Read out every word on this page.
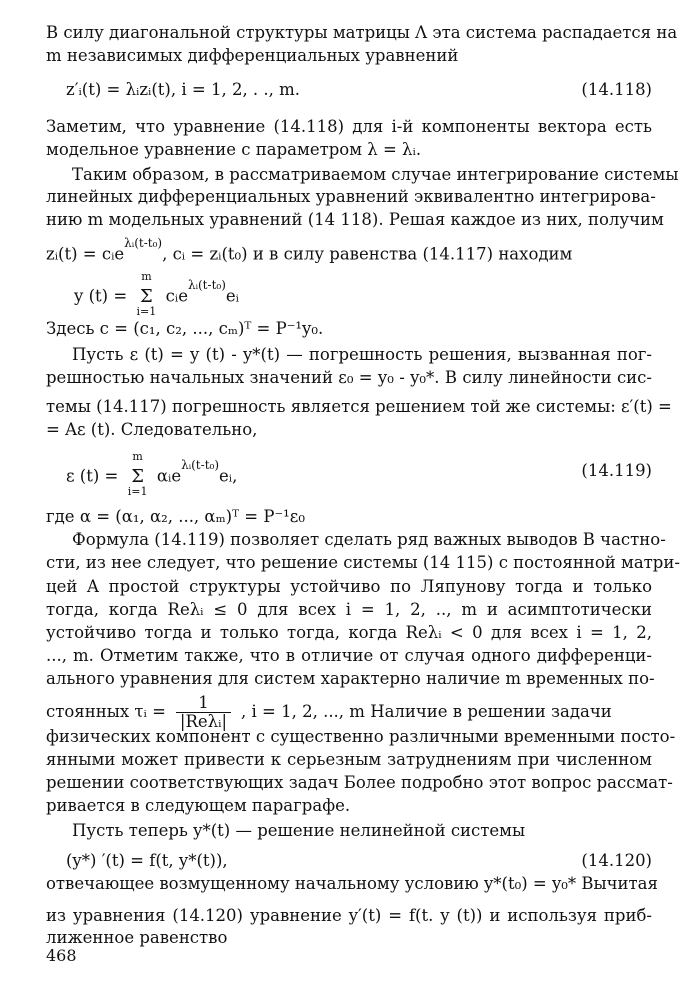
В силу диагональной структуры матрицы Λ эта система распадается на
m независимых дифференциальных уравнений
z′ᵢ(t) = λᵢzᵢ(t), i = 1, 2, . ., m.	(14.118)
Заметим, что уравнение (14.118) для i-й компоненты вектора есть
модельное уравнение с параметром λ = λᵢ.
Таким образом, в рассматриваемом случае интегрирование системы
линейных дифференциальных уравнений эквивалентно интегрирова-
нию m модельных уравнений (14 118). Решая каждое из них, получим
zᵢ(t) = cᵢe$^{\lambda ᵢ(t-t_0)}$, cᵢ = zᵢ(t₀) и в силу равенства (14.117) находим
y (t) =
m
Σ
i=1
cᵢe$^{\lambda ᵢ(t-t_0)}$eᵢ
Здесь c = (c₁, c₂, ..., cₘ)ᵀ = P⁻¹y₀.
Пусть ε (t) = y (t) - y*(t) — погрешность решения, вызванная пог-
решностью начальных значений ε₀ = y₀ - y₀*. В силу линейности сис-
темы (14.117) погрешность является решением той же системы: ε′(t) =
= Aε (t). Следовательно,
ε (t) =
m
Σ
i=1
αᵢe$^{\lambda ᵢ(t-t_0)}$eᵢ,	(14.119)
где α = (α₁, α₂, ..., αₘ)ᵀ = P⁻¹ε₀
Формула (14.119) позволяет сделать ряд важных выводов В частно-
сти, из нее следует, что решение системы (14 115) с постоянной матри-
цей A простой структуры устойчиво по Ляпунову тогда и только
тогда, когда Reλᵢ ≤ 0 для всех i = 1, 2, .., m и асимптотически
устойчиво тогда и только тогда, когда Reλᵢ < 0 для всех i = 1, 2,
..., m. Отметим также, что в отличие от случая одного дифференци-
ального уравнения для систем характерно наличие m временных по-
стоянных τᵢ = 1
|Reλᵢ| , i = 1, 2, ..., m Наличие в решении задачи
физических компонент с существенно различными временными посто-
янными может привести к серьезным затруднениям при численном
решении соответствующих задач Более подробно этот вопрос рассмат-
ривается в следующем параграфе.
Пусть теперь y*(t) — решение нелинейной системы
(y*) ′(t) = f(t, y*(t)),	(14.120)
отвечающее возмущенному начальному условию y*(t₀) = y₀* Вычитая
из уравнения (14.120) уравнение y′(t) = f(t. y (t)) и используя приб-
лиженное равенство
468
